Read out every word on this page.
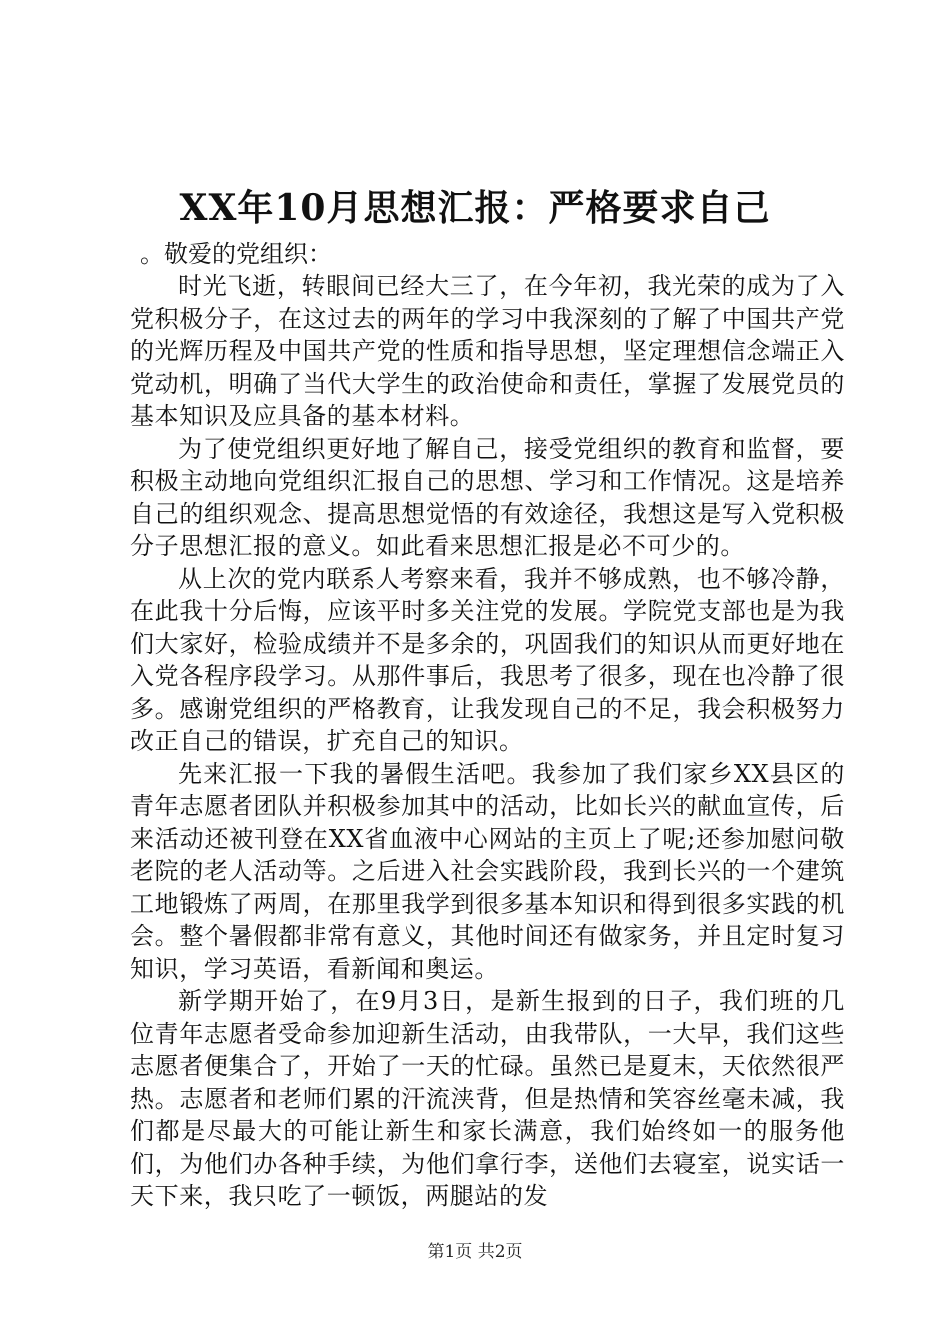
XX年10月思想汇报：严格要求自己

。敬爱的党组织：

时光飞逝，转眼间已经大三了，在今年初，我光荣的成为了入党积极分子，在这过去的两年的学习中我深刻的了解了中国共产党的光辉历程及中国共产党的性质和指导思想，坚定理想信念端正入党动机，明确了当代大学生的政治使命和责任，掌握了发展党员的基本知识及应具备的基本材料。

为了使党组织更好地了解自己，接受党组织的教育和监督，要积极主动地向党组织汇报自己的思想、学习和工作情况。这是培养自己的组织观念、提高思想觉悟的有效途径，我想这是写入党积极分子思想汇报的意义。如此看来思想汇报是必不可少的。

从上次的党内联系人考察来看，我并不够成熟，也不够冷静，在此我十分后悔，应该平时多关注党的发展。学院党支部也是为我们大家好，检验成绩并不是多余的，巩固我们的知识从而更好地在入党各程序段学习。从那件事后，我思考了很多，现在也冷静了很多。感谢党组织的严格教育，让我发现自己的不足，我会积极努力改正自己的错误，扩充自己的知识。

先来汇报一下我的暑假生活吧。我参加了我们家乡XX县区的青年志愿者团队并积极参加其中的活动，比如长兴的献血宣传，后来活动还被刊登在XX省血液中心网站的主页上了呢;还参加慰问敬老院的老人活动等。之后进入社会实践阶段，我到长兴的一个建筑工地锻炼了两周，在那里我学到很多基本知识和得到很多实践的机会。整个暑假都非常有意义，其他时间还有做家务，并且定时复习知识，学习英语，看新闻和奥运。

新学期开始了，在9月3日，是新生报到的日子，我们班的几位青年志愿者受命参加迎新生活动，由我带队，一大早，我们这些志愿者便集合了，开始了一天的忙碌。虽然已是夏末，天依然很严热。志愿者和老师们累的汗流浃背，但是热情和笑容丝毫未减，我们都是尽最大的可能让新生和家长满意，我们始终如一的服务他们，为他们办各种手续，为他们拿行李，送他们去寝室，说实话一天下来，我只吃了一顿饭，两腿站的发

第1页 共2页
